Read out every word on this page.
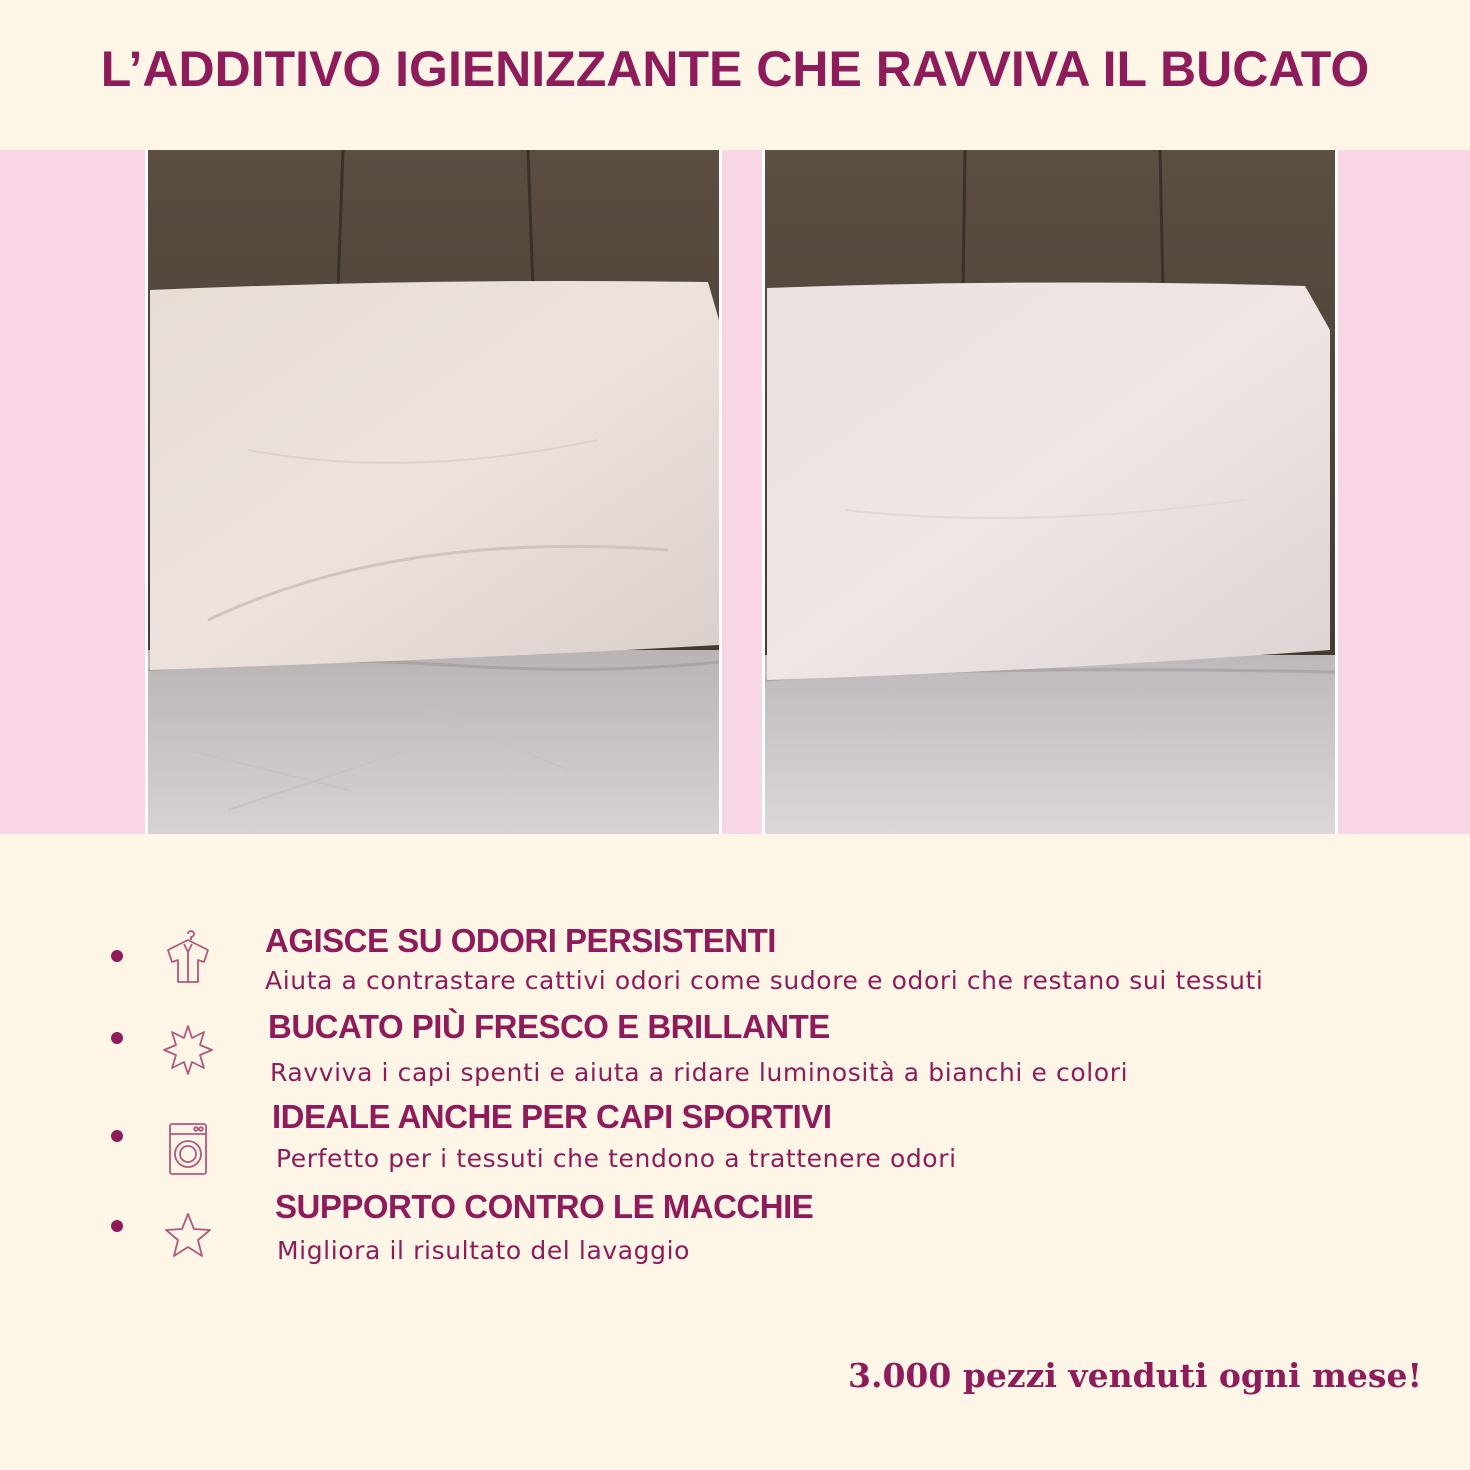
L’ADDITIVO IGIENIZZANTE CHE RAVVIVA IL BUCATO

AGISCE SU ODORI PERSISTENTI

Aiuta a contrastare cattivi odori come sudore e odori che restano sui tessuti

BUCATO PIÙ FRESCO E BRILLANTE

Ravviva i capi spenti e aiuta a ridare luminosità a bianchi e colori

IDEALE ANCHE PER CAPI SPORTIVI

Perfetto per i tessuti che tendono a trattenere odori

SUPPORTO CONTRO LE MACCHIE

Migliora il risultato del lavaggio

3.000 pezzi venduti ogni mese!
